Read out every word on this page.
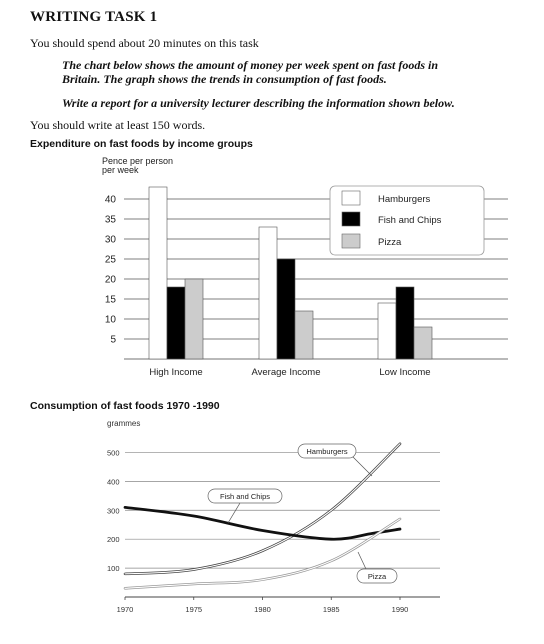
WRITING TASK 1
You should spend about 20 minutes on this task
The chart below shows the amount of money per week spent on fast foods in
Britain. The graph shows the trends in consumption of fast foods.
Write a report for a university lecturer describing the information shown below.
You should write at least 150 words.
Expenditure on fast foods by income groups
Pence per person
per week
5
10
15
20
25
30
35
40
High Income	Average Income	Low Income
Hamburgers
Fish and Chips
Pizza
Consumption of fast foods 1970 -1990
grammes
100
200
300
400
500
1970	1975	1980	1985	1990
Hamburgers
Fish and Chips
Pizza
